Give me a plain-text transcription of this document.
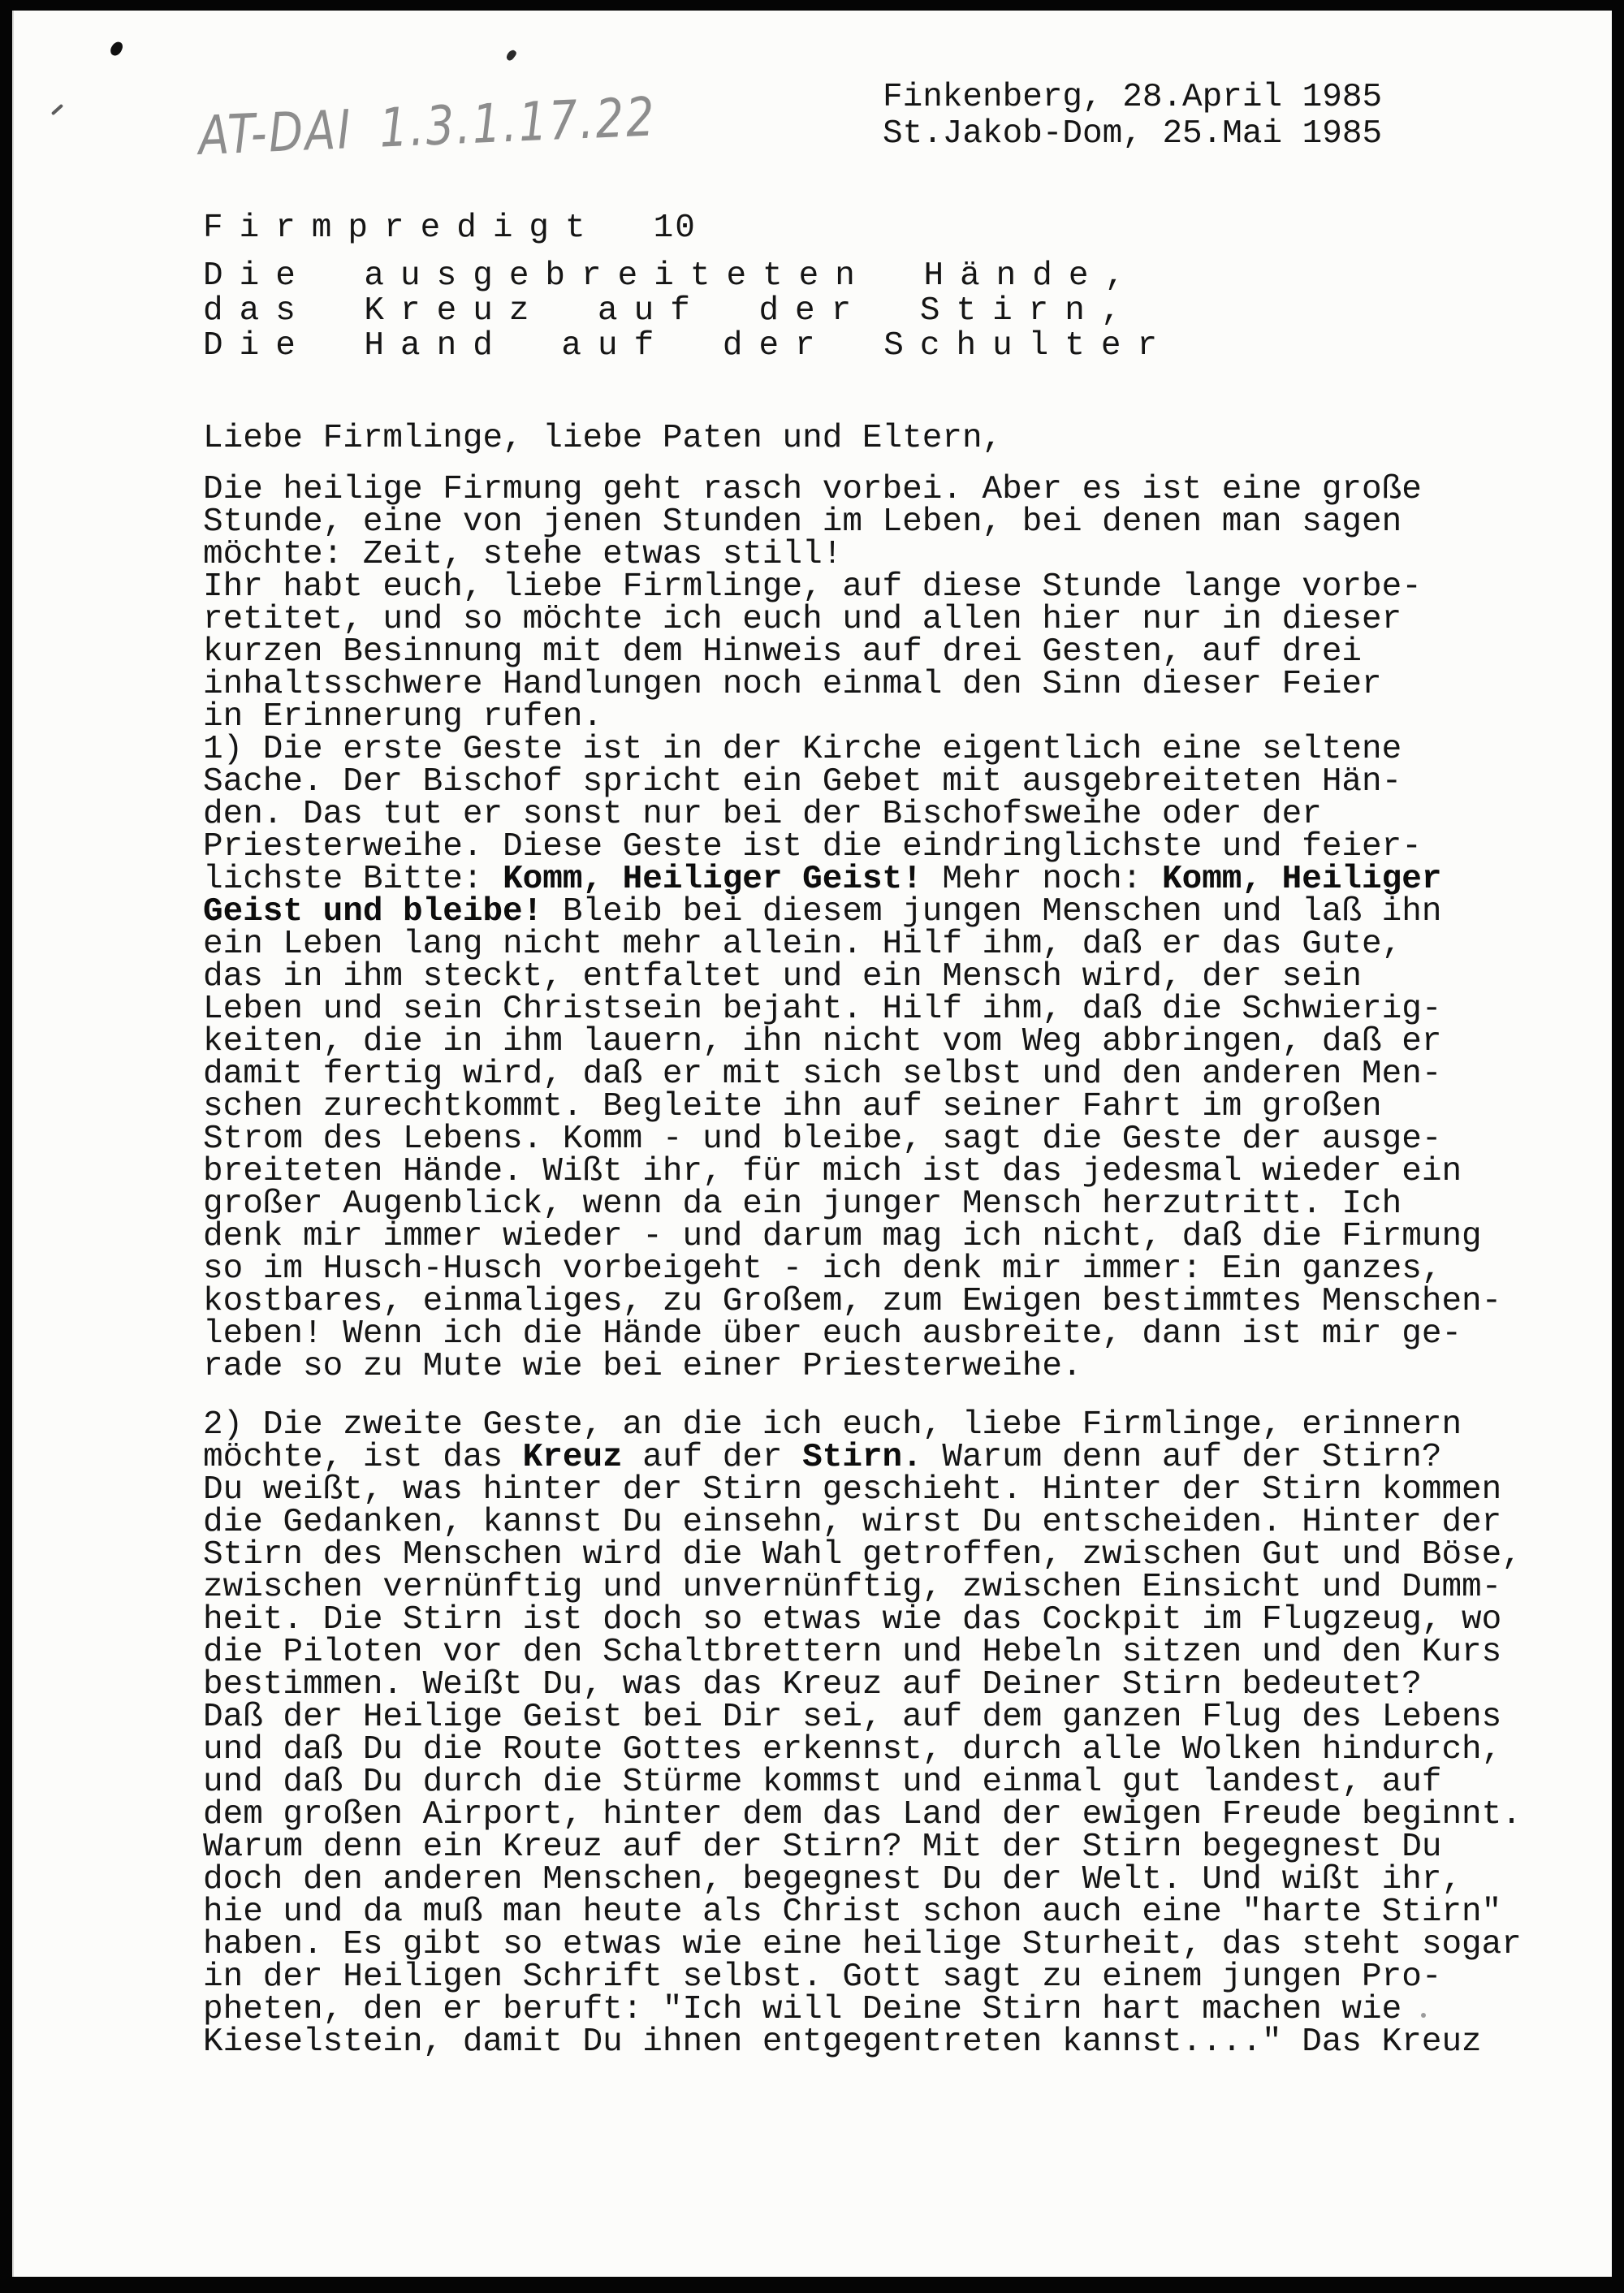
AT-DAI 1.3.1.17.22	Finkenberg, 28.April 1985
St.Jakob-Dom, 25.Mai 1985
Firmpredigt 10
Die ausgebreiteten Hände,
das Kreuz auf der Stirn,
Die Hand auf der Schulter
Liebe Firmlinge, liebe Paten und Eltern,
Die heilige Firmung geht rasch vorbei. Aber es ist eine große
Stunde, eine von jenen Stunden im Leben, bei denen man sagen
möchte: Zeit, stehe etwas still!
Ihr habt euch, liebe Firmlinge, auf diese Stunde lange vorbe-
retitet, und so möchte ich euch und allen hier nur in dieser
kurzen Besinnung mit dem Hinweis auf drei Gesten, auf drei
inhaltsschwere Handlungen noch einmal den Sinn dieser Feier
in Erinnerung rufen.
1) Die erste Geste ist in der Kirche eigentlich eine seltene
Sache. Der Bischof spricht ein Gebet mit ausgebreiteten Hän-
den. Das tut er sonst nur bei der Bischofsweihe oder der
Priesterweihe. Diese Geste ist die eindringlichste und feier-
lichste Bitte: Komm, Heiliger Geist! Mehr noch: Komm, Heiliger
Geist und bleibe! Bleib bei diesem jungen Menschen und laß ihn
ein Leben lang nicht mehr allein. Hilf ihm, daß er das Gute,
das in ihm steckt, entfaltet und ein Mensch wird, der sein
Leben und sein Christsein bejaht. Hilf ihm, daß die Schwierig-
keiten, die in ihm lauern, ihn nicht vom Weg abbringen, daß er
damit fertig wird, daß er mit sich selbst und den anderen Men-
schen zurechtkommt. Begleite ihn auf seiner Fahrt im großen
Strom des Lebens. Komm - und bleibe, sagt die Geste der ausge-
breiteten Hände. Wißt ihr, für mich ist das jedesmal wieder ein
großer Augenblick, wenn da ein junger Mensch herzutritt. Ich
denk mir immer wieder - und darum mag ich nicht, daß die Firmung
so im Husch-Husch vorbeigeht - ich denk mir immer: Ein ganzes,
kostbares, einmaliges, zu Großem, zum Ewigen bestimmtes Menschen-
leben! Wenn ich die Hände über euch ausbreite, dann ist mir ge-
rade so zu Mute wie bei einer Priesterweihe.
2) Die zweite Geste, an die ich euch, liebe Firmlinge, erinnern
möchte, ist das Kreuz auf der Stirn. Warum denn auf der Stirn?
Du weißt, was hinter der Stirn geschieht. Hinter der Stirn kommen
die Gedanken, kannst Du einsehn, wirst Du entscheiden. Hinter der
Stirn des Menschen wird die Wahl getroffen, zwischen Gut und Böse,
zwischen vernünftig und unvernünftig, zwischen Einsicht und Dumm-
heit. Die Stirn ist doch so etwas wie das Cockpit im Flugzeug, wo
die Piloten vor den Schaltbrettern und Hebeln sitzen und den Kurs
bestimmen. Weißt Du, was das Kreuz auf Deiner Stirn bedeutet?
Daß der Heilige Geist bei Dir sei, auf dem ganzen Flug des Lebens
und daß Du die Route Gottes erkennst, durch alle Wolken hindurch,
und daß Du durch die Stürme kommst und einmal gut landest, auf
dem großen Airport, hinter dem das Land der ewigen Freude beginnt.
Warum denn ein Kreuz auf der Stirn? Mit der Stirn begegnest Du
doch den anderen Menschen, begegnest Du der Welt. Und wißt ihr,
hie und da muß man heute als Christ schon auch eine "harte Stirn"
haben. Es gibt so etwas wie eine heilige Sturheit, das steht sogar
in der Heiligen Schrift selbst. Gott sagt zu einem jungen Pro-
pheten, den er beruft: "Ich will Deine Stirn hart machen wie
Kieselstein, damit Du ihnen entgegentreten kannst...." Das Kreuz
